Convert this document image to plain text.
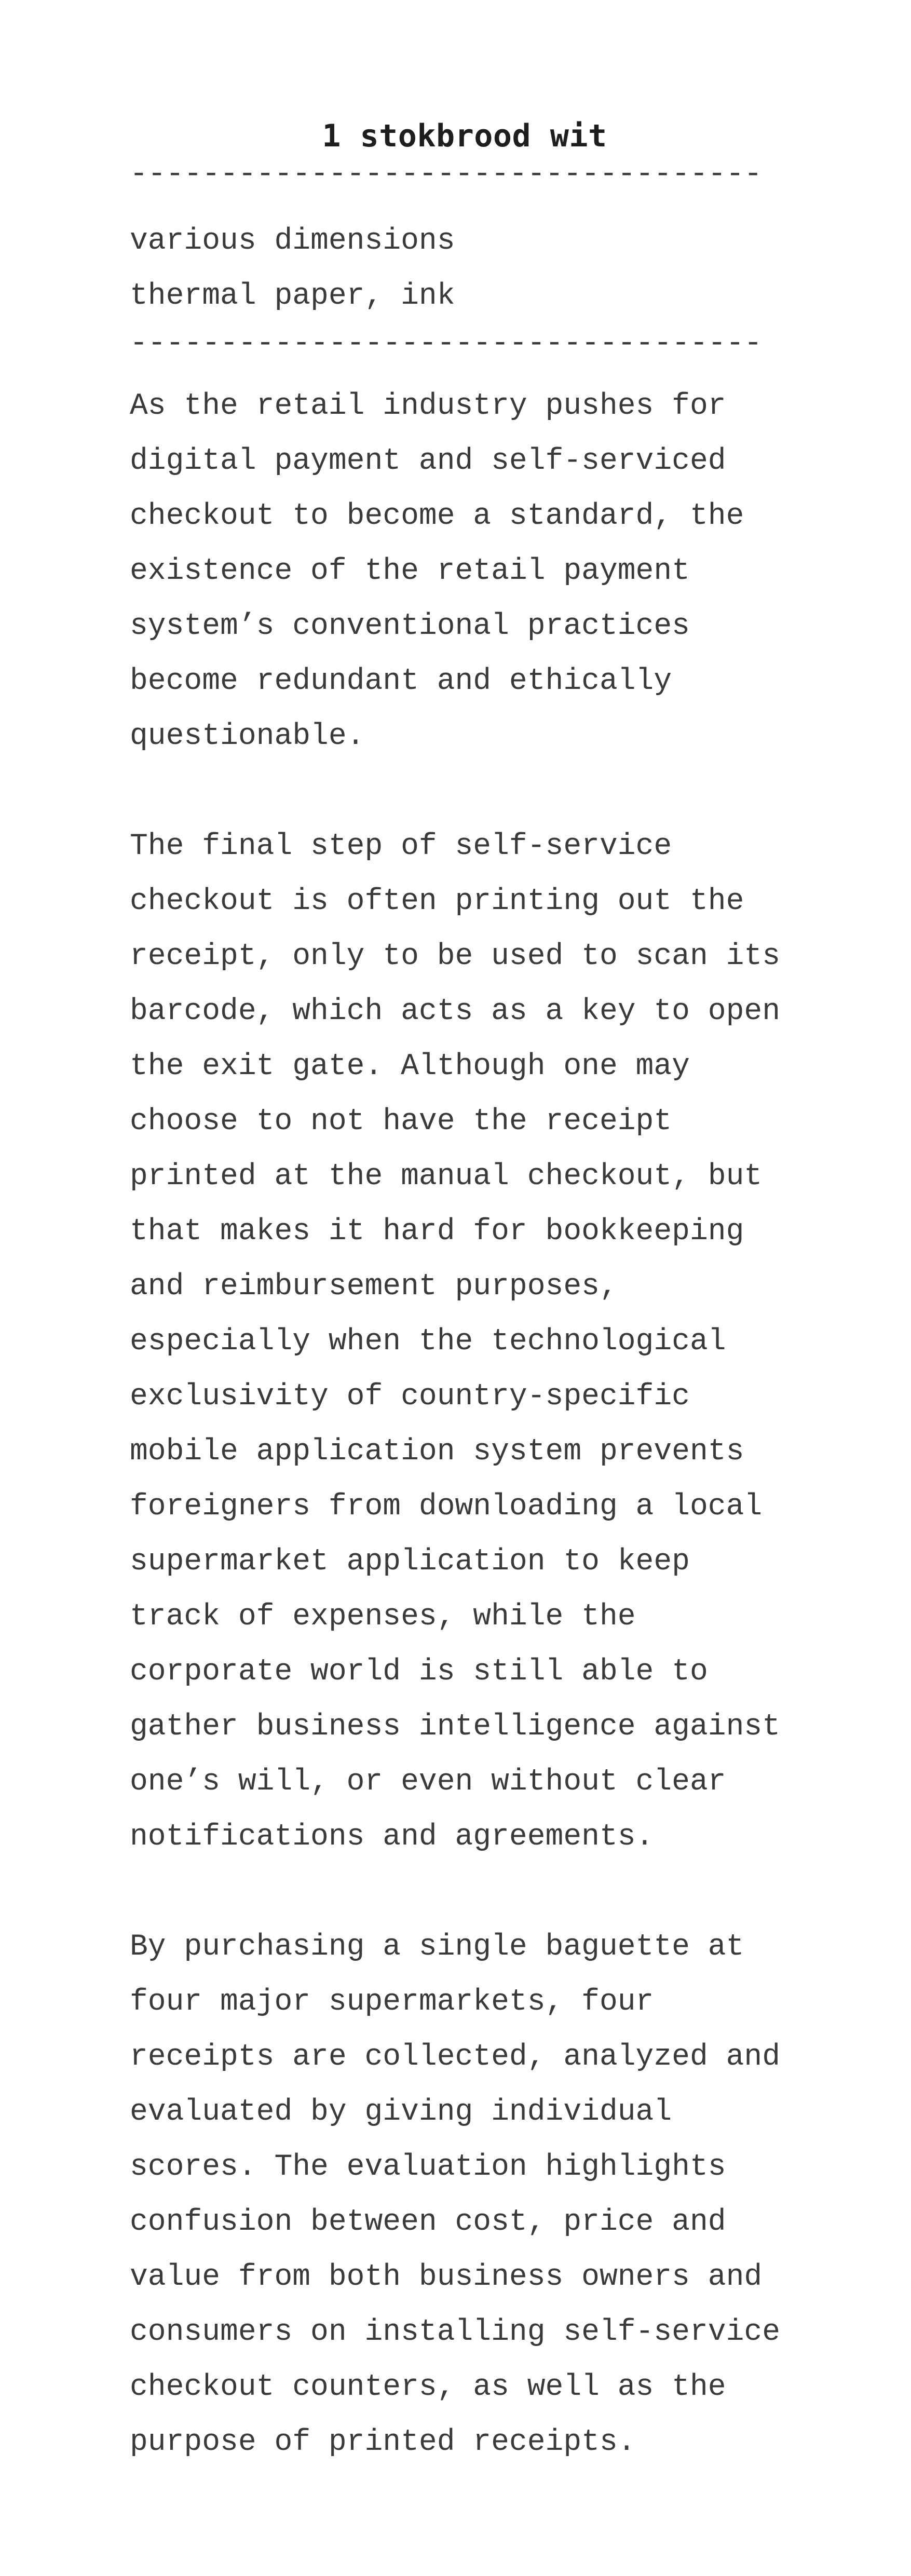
1 stokbrood wit
-----------------------------------
various dimensions
thermal paper, ink
-----------------------------------

As the retail industry pushes for
digital payment and self-serviced
checkout to become a standard, the
existence of the retail payment
system’s conventional practices
become redundant and ethically
questionable.

The final step of self-service
checkout is often printing out the
receipt, only to be used to scan its
barcode, which acts as a key to open
the exit gate. Although one may
choose to not have the receipt
printed at the manual checkout, but
that makes it hard for bookkeeping
and reimbursement purposes,
especially when the technological
exclusivity of country-specific
mobile application system prevents
foreigners from downloading a local
supermarket application to keep
track of expenses, while the
corporate world is still able to
gather business intelligence against
one’s will, or even without clear
notifications and agreements.

By purchasing a single baguette at
four major supermarkets, four
receipts are collected, analyzed and
evaluated by giving individual
scores. The evaluation highlights
confusion between cost, price and
value from both business owners and
consumers on installing self-service
checkout counters, as well as the
purpose of printed receipts.
